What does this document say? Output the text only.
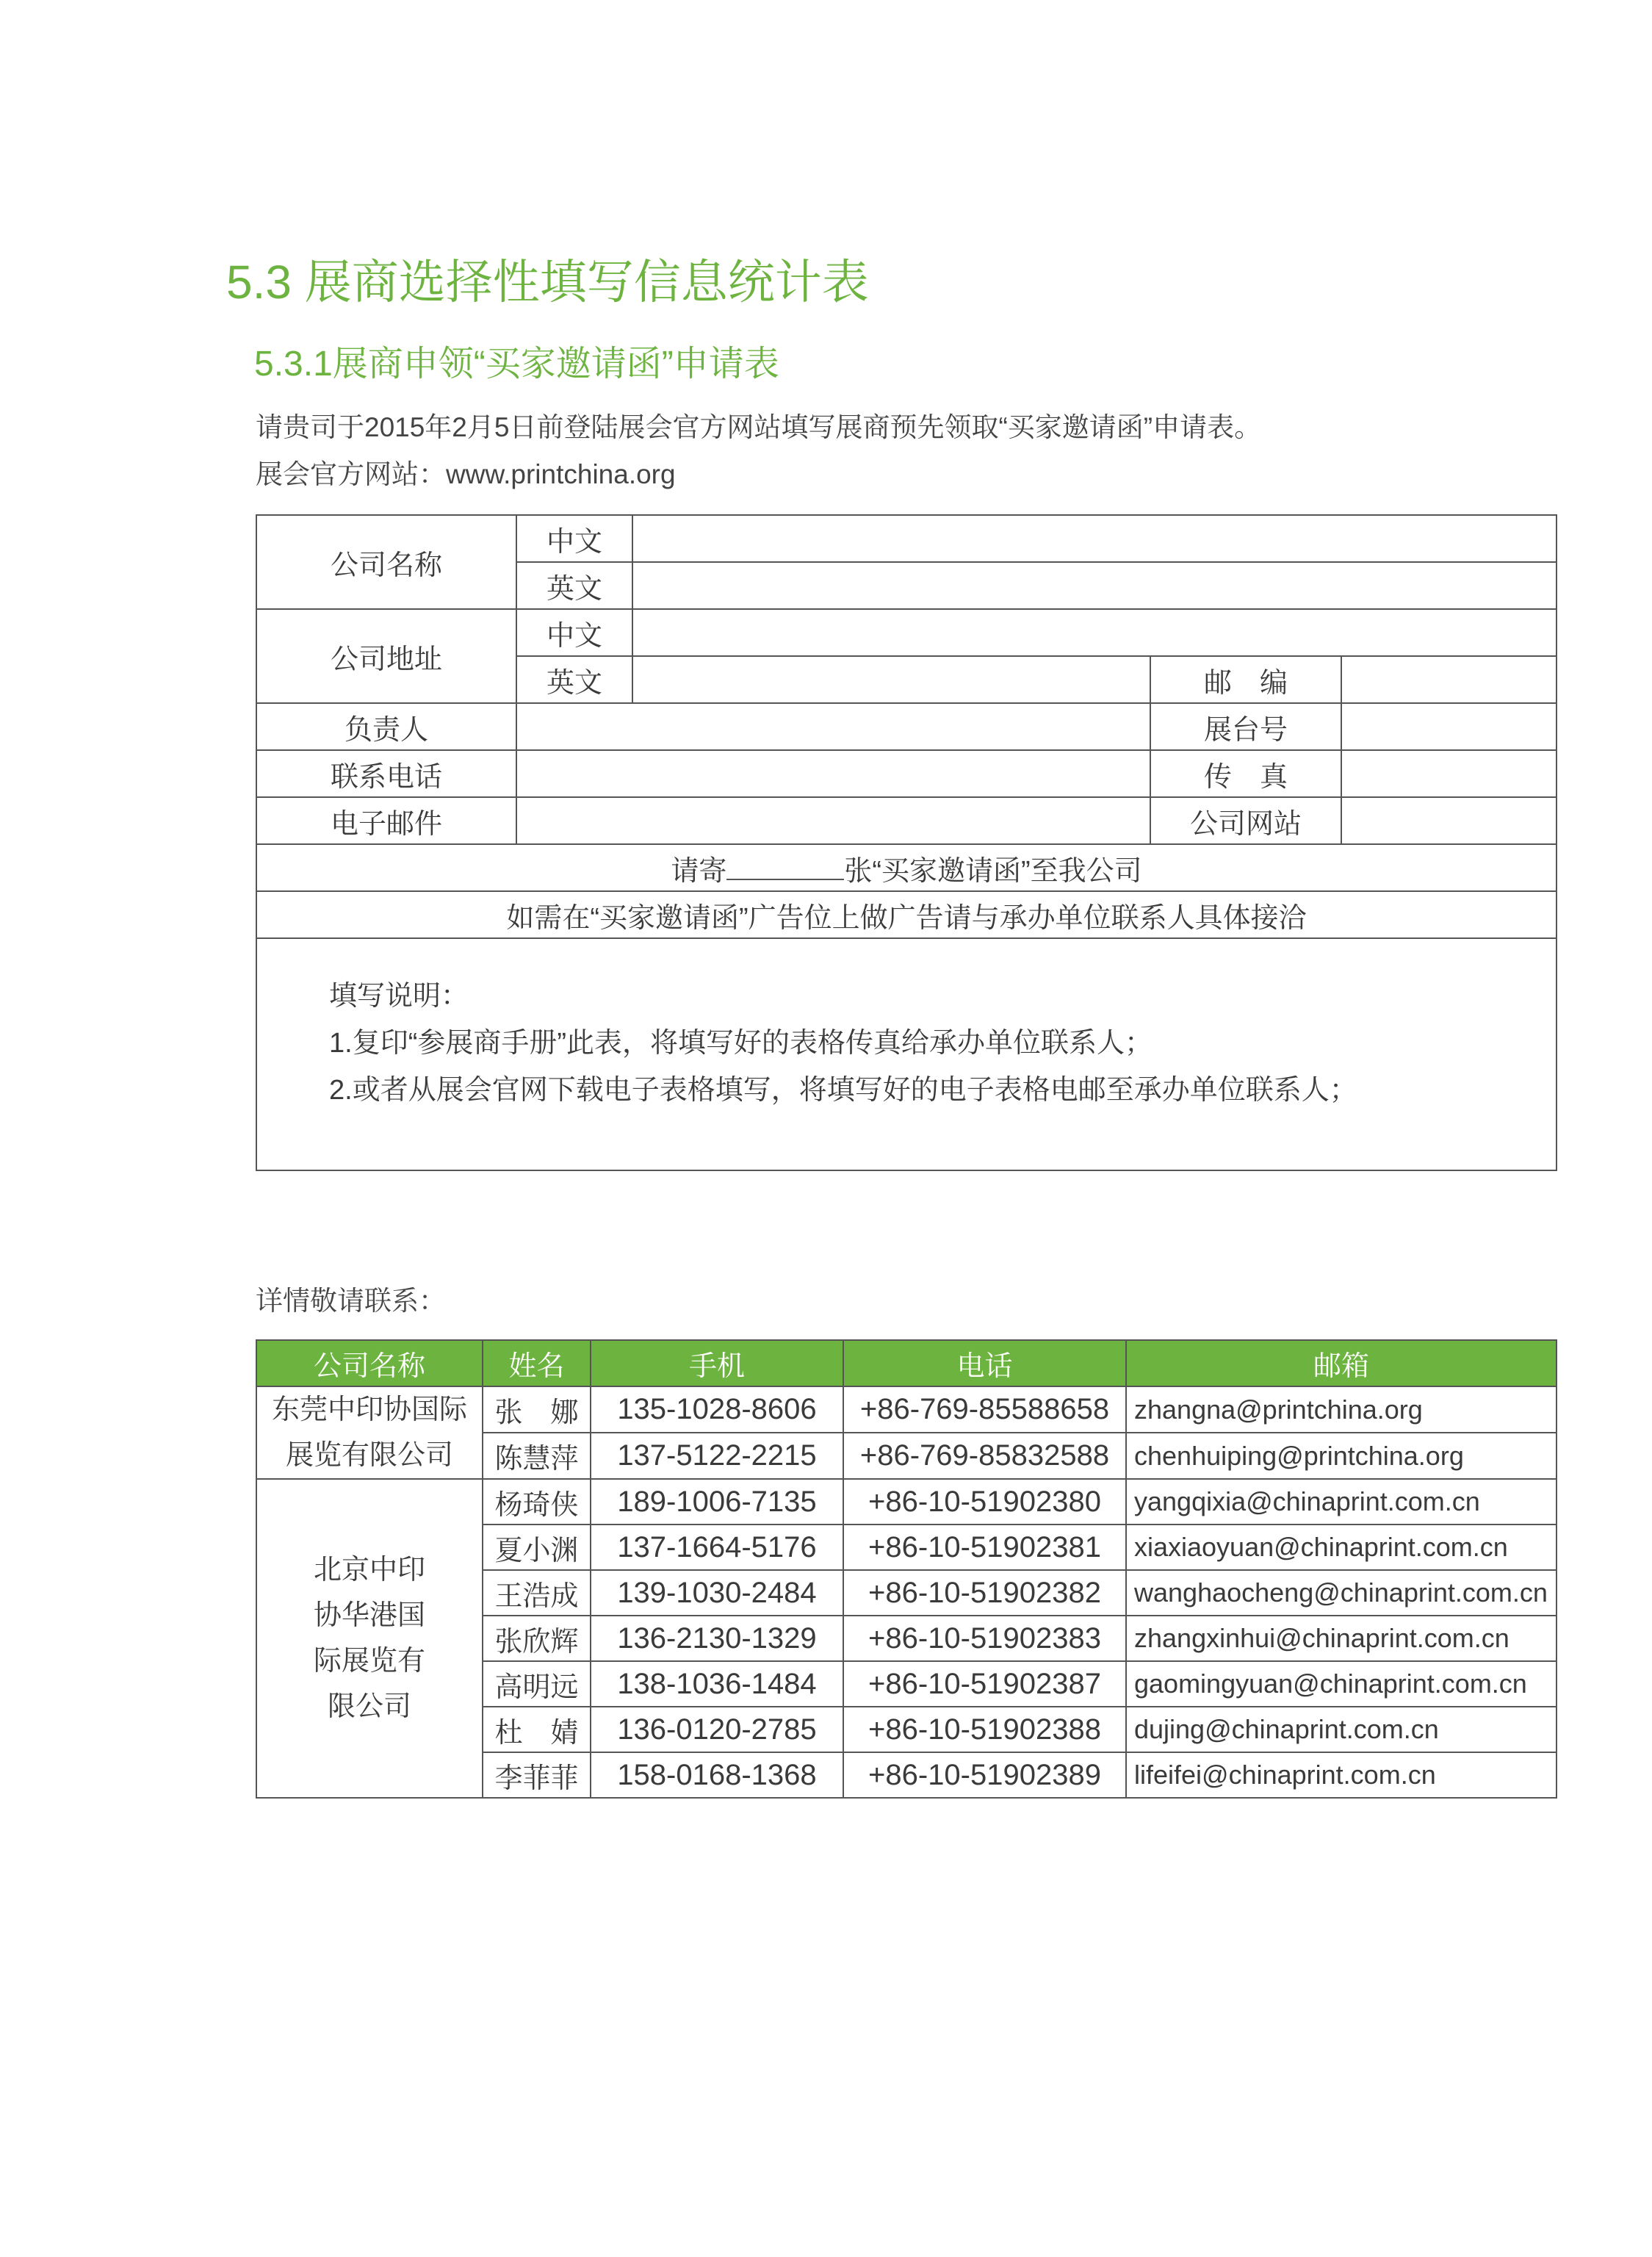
5.3 展商选择性填写信息统计表
5.3.1展商申领“买家邀请函”申请表
请贵司于2015年2月5日前登陆展会官方网站填写展商预先领取“买家邀请函”申请表。
展会官方网站：www.printchina.org
公司名称	中文			
	英文			
公司地址	中文			
	英文		邮　编	
负责人			展台号	
联系电话			传　真	
电子邮件			公司网站	
请寄 张“买家邀请函”至我公司				
如需在“买家邀请函”广告位上做广告请与承办单位联系人具体接洽				

填写说明：
1.复印“参展商手册”此表，将填写好的表格传真给承办单位联系人；
2.或者从展会官网下载电子表格填写，将填写好的电子表格电邮至承办单位联系人；				
详情敬请联系：
公司名称	姓名	手机	电话	邮箱
东莞中印协国际展览有限公司	张　娜	135-1028-8606	+86-769-85588658	zhangna@printchina.org
	陈慧萍	137-5122-2215	+86-769-85832588	chenhuiping@printchina.org
北京中印协华港国际展览有限公司	杨琦侠	189-1006-7135	+86-10-51902380	yangqixia@chinaprint.com.cn
	夏小渊	137-1664-5176	+86-10-51902381	xiaxiaoyuan@chinaprint.com.cn
	王浩成	139-1030-2484	+86-10-51902382	wanghaocheng@chinaprint.com.cn
	张欣辉	136-2130-1329	+86-10-51902383	zhangxinhui@chinaprint.com.cn
	高明远	138-1036-1484	+86-10-51902387	gaomingyuan@chinaprint.com.cn
	杜　婧	136-0120-2785	+86-10-51902388	dujing@chinaprint.com.cn
	李菲菲	158-0168-1368	+86-10-51902389	lifeifei@chinaprint.com.cn
